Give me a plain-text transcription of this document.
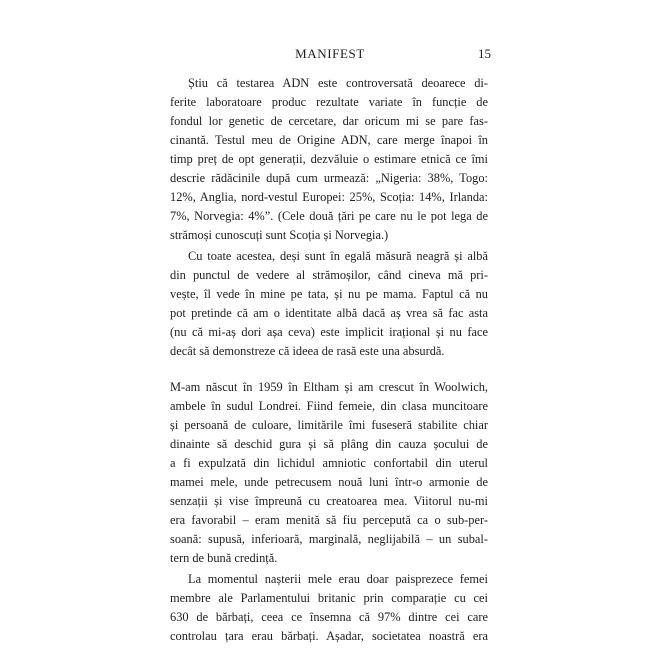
MANIFEST	15
Știu că testarea ADN este controversată deoarece di-
ferite laboratoare produc rezultate variate în funcție de
fondul lor genetic de cercetare, dar oricum mi se pare fas-
cinantă. Testul meu de Origine ADN, care merge înapoi în
timp preț de opt generații, dezvăluie o estimare etnică ce îmi
descrie rădăcinile după cum urmează: „Nigeria: 38%, Togo:
12%, Anglia, nord-vestul Europei: 25%, Scoția: 14%, Irlanda:
7%, Norvegia: 4%”. (Cele două țări pe care nu le pot lega de
strămoși cunoscuți sunt Scoția și Norvegia.)
Cu toate acestea, deși sunt în egală măsură neagră și albă
din punctul de vedere al strămoșilor, când cineva mă pri-
vește, îl vede în mine pe tata, și nu pe mama. Faptul că nu
pot pretinde că am o identitate albă dacă aș vrea să fac asta
(nu că mi-aș dori așa ceva) este implicit irațional și nu face
decât să demonstreze că ideea de rasă este una absurdă.
M-am născut în 1959 în Eltham și am crescut în Woolwich,
ambele în sudul Londrei. Fiind femeie, din clasa muncitoare
și persoană de culoare, limitările îmi fuseseră stabilite chiar
dinainte să deschid gura și să plâng din cauza șocului de
a fi expulzată din lichidul amniotic confortabil din uterul
mamei mele, unde petrecusem nouă luni într-o armonie de
senzații și vise împreună cu creatoarea mea. Viitorul nu-mi
era favorabil – eram menită să fiu percepută ca o sub-per-
soană: supusă, inferioară, marginală, neglijabilă – un subal-
tern de bună credință.
La momentul nașterii mele erau doar paisprezece femei
membre ale Parlamentului britanic prin comparație cu cei
630 de bărbați, ceea ce însemna că 97% dintre cei care
controlau țara erau bărbați. Așadar, societatea noastră era
